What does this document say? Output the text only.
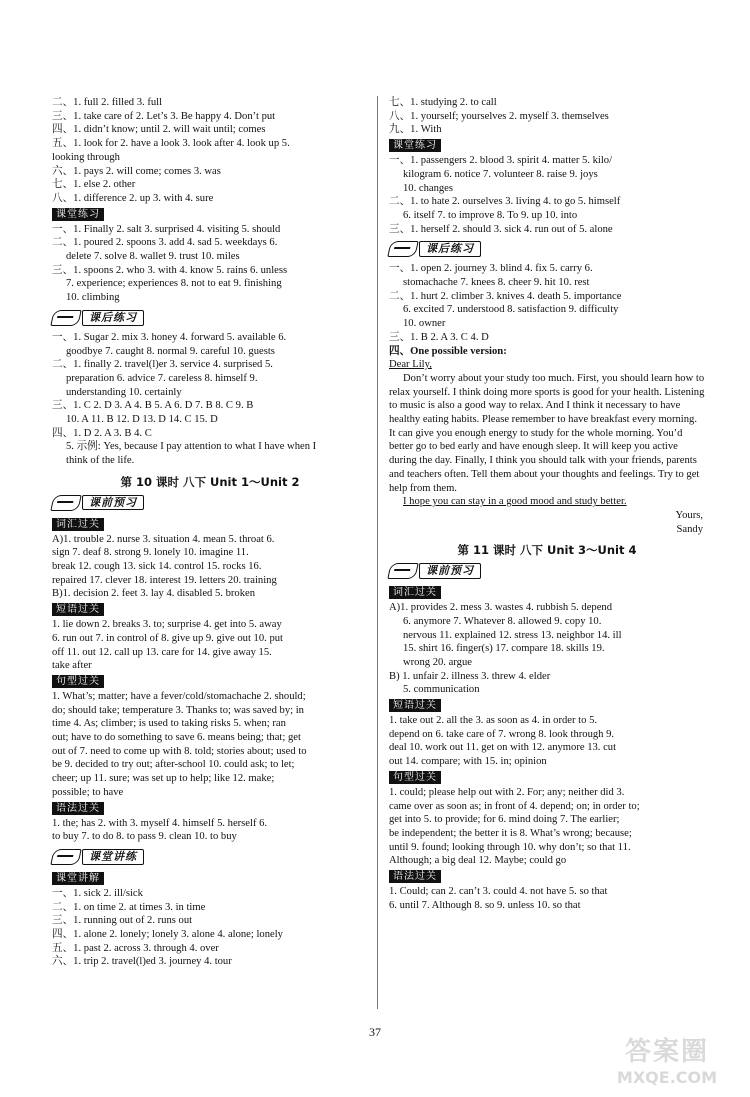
二、1. full 2. filled 3. full
三、1. take care of 2. Let’s 3. Be happy 4. Don’t put
四、1. didn’t know; until 2. will wait until; comes
五、1. look for 2. have a look 3. look after 4. look up 5.
looking through
六、1. pays 2. will come; comes 3. was
七、1. else 2. other
八、1. difference 2. up 3. with 4. sure
课堂练习
一、1. Finally 2. salt 3. surprised 4. visiting 5. should
二、1. poured 2. spoons 3. add 4. sad 5. weekdays 6.
delete 7. solve 8. wallet 9. trust 10. miles
三、1. spoons 2. who 3. with 4. know 5. rains 6. unless
7. experience; experiences 8. not to eat 9. finishing
10. climbing
课后练习
一、1. Sugar 2. mix 3. honey 4. forward 5. available 6.
goodbye 7. caught 8. normal 9. careful 10. guests
二、1. finally 2. travel(l)er 3. service 4. surprised 5.
preparation 6. advice 7. careless 8. himself 9.
understanding 10. certainly
三、1. C 2. D 3. A 4. B 5. A 6. D 7. B 8. C 9. B
10. A 11. B 12. D 13. D 14. C 15. D
四、1. D 2. A 3. B 4. C
5. 示例: Yes, because I pay attention to what I have when I
think of the life.
第 10 课时 八下 Unit 1～Unit 2
课前预习
词汇过关
A)1. trouble 2. nurse 3. situation 4. mean 5. throat 6.
sign 7. deaf 8. strong 9. lonely 10. imagine 11.
break 12. cough 13. sick 14. control 15. rocks 16.
repaired 17. clever 18. interest 19. letters 20. training
B)1. decision 2. feet 3. lay 4. disabled 5. broken
短语过关
1. lie down 2. breaks 3. to; surprise 4. get into 5. away
6. run out 7. in control of 8. give up 9. give out 10. put
off 11. out 12. call up 13. care for 14. give away 15.
take after
句型过关
1. What’s; matter; have a fever/cold/stomachache 2. should;
do; should take; temperature 3. Thanks to; was saved by; in
time 4. As; climber; is used to taking risks 5. when; ran
out; have to do something to save 6. means being; that; get
out of 7. need to come up with 8. told; stories about; used to
be 9. decided to try out; after-school 10. could ask; to let;
cheer; up 11. sure; was set up to help; like 12. make;
possible; to have
语法过关
1. the; has 2. with 3. myself 4. himself 5. herself 6.
to buy 7. to do 8. to pass 9. clean 10. to buy
课堂讲练
课堂讲解
一、1. sick 2. ill/sick
二、1. on time 2. at times 3. in time
三、1. running out of 2. runs out
四、1. alone 2. lonely; lonely 3. alone 4. alone; lonely
五、1. past 2. across 3. through 4. over
六、1. trip 2. travel(l)ed 3. journey 4. tour
七、1. studying 2. to call
八、1. yourself; yourselves 2. myself 3. themselves
九、1. With
课堂练习
一、1. passengers 2. blood 3. spirit 4. matter 5. kilo/
kilogram 6. notice 7. volunteer 8. raise 9. joys
10. changes
二、1. to hate 2. ourselves 3. living 4. to go 5. himself
6. itself 7. to improve 8. To 9. up 10. into
三、1. herself 2. should 3. sick 4. run out of 5. alone
课后练习
一、1. open 2. journey 3. blind 4. fix 5. carry 6.
stomachache 7. knees 8. cheer 9. hit 10. rest
二、1. hurt 2. climber 3. knives 4. death 5. importance
6. excited 7. understood 8. satisfaction 9. difficulty
10. owner
三、1. B 2. A 3. C 4. D
四、One possible version:
Dear Lily,
Don’t worry about your study too much. First, you should learn how to relax yourself. I think doing more sports is good for your health. Listening to music is also a good way to relax. And I think it necessary to have healthy eating habits. Please remember to have breakfast every morning. It can give you enough energy to study for the whole morning. You’d better go to bed early and have enough sleep. It will keep you active during the day. Finally, I think you should talk with your friends, parents and teachers often. Tell them about your thoughts and feelings. Try to get help from them.
I hope you can stay in a good mood and study better.
Yours,
Sandy
第 11 课时 八下 Unit 3～Unit 4
课前预习
词汇过关
A)1. provides 2. mess 3. wastes 4. rubbish 5. depend
6. anymore 7. Whatever 8. allowed 9. copy 10.
nervous 11. explained 12. stress 13. neighbor 14. ill
15. shirt 16. finger(s) 17. compare 18. skills 19.
wrong 20. argue
B) 1. unfair 2. illness 3. threw 4. elder
5. communication
短语过关
1. take out 2. all the 3. as soon as 4. in order to 5.
depend on 6. take care of 7. wrong 8. look through 9.
deal 10. work out 11. get on with 12. anymore 13. cut
out 14. compare; with 15. in; opinion
句型过关
1. could; please help out with 2. For; any; neither did 3.
came over as soon as; in front of 4. depend; on; in order to;
get into 5. to provide; for 6. mind doing 7. The earlier;
be independent; the better it is 8. What’s wrong; because;
until 9. found; looking through 10. why don’t; so that 11.
Although; a big deal 12. Maybe; could go
语法过关
1. Could; can 2. can’t 3. could 4. not have 5. so that
6. until 7. Although 8. so 9. unless 10. so that
37
答案圈
MXQE.COM
